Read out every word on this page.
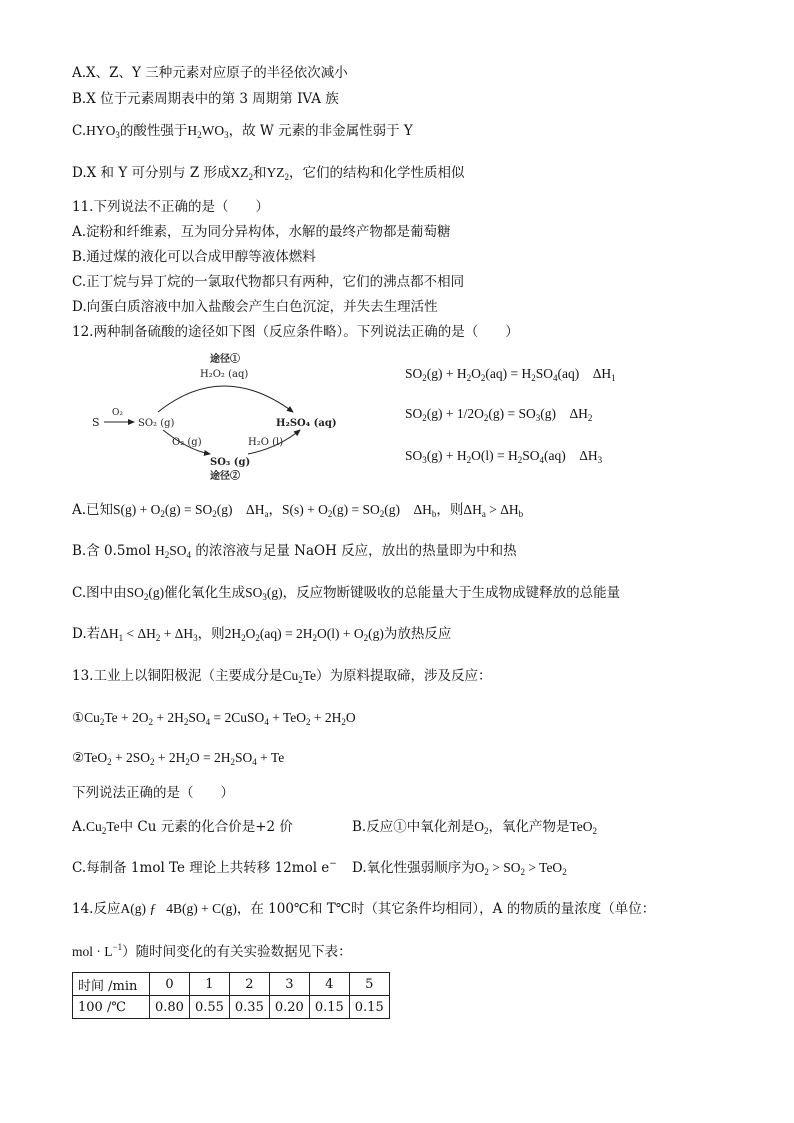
A.X、Z、Y 三种元素对应原子的半径依次减小
B.X 位于元素周期表中的第 3 周期第 IVA 族
$C.HYO_3$的酸性强于$H_2WO_3$，故 W 元素的非金属性弱于 Y
D.X 和 Y 可分别与 Z 形成$XZ_2$和$YZ_2$，它们的结构和化学性质相似
11.下列说法不正确的是（　　）
A.淀粉和纤维素，互为同分异构体，水解的最终产物都是葡萄糖
B.通过煤的液化可以合成甲醇等液体燃料
C.正丁烷与异丁烷的一氯取代物都只有两种，它们的沸点都不相同
D.向蛋白质溶液中加入盐酸会产生白色沉淀，并失去生理活性
12.两种制备硫酸的途径如下图（反应条件略）。下列说法正确的是（　　）
途径①
H₂O₂ (aq)
S
O₂
SO₂ (g)	H₂SO₄ (aq)
O₂ (g)	H₂O (l)
SO₃ (g)
途径②
$SO_2(g) + H_2O_2(aq) = H_2SO_4(aq)$    $\Delta H_1$
$SO_2(g) + 1/2O_2(g) = SO_3(g)$    $\Delta H_2$
$SO_3(g) + H_2O(l) = H_2SO_4(aq)$    $\Delta H_3$
A.已知$S(g) + O_2(g) = SO_2(g)$    $\Delta H_a$，$S(s) + O_2(g) = SO_2(g)$    $\Delta H_b$，则$\Delta H_a > \Delta H_b$
B.含 0.5mol $H_2SO_4$ 的浓溶液与足量 NaOH 反应，放出的热量即为中和热
C.图中由$SO_2(g)$催化氧化生成$SO_3(g)$，反应物断键吸收的总能量大于生成物成键释放的总能量
D.若$\Delta H_1 < \Delta H_2 + \Delta H_3$，则$2H_2O_2(aq) = 2H_2O(l) + O_2(g)$为放热反应
13.工业上以铜阳极泥（主要成分是$Cu_2Te$）为原料提取碲，涉及反应：
$①Cu_2Te + 2O_2 + 2H_2SO_4$ = 2CuSO$_4$ + $TeO_2 + 2H_2O$
②TeO$_2$ + $2SO_2 + 2H_2O = 2H_2SO_4 + Te$
下列说法正确的是（　　）
$A.Cu_2Te$中 Cu 元素的化合价是+2 价	B.反应①中氧化剂是$O_2$，氧化产物是TeO$_2$
C.每制备 1mol Te 理论上共转移 12mol e− D.氧化性强弱顺序为$O_2 > SO_2 > TeO_2$
14.反应A(g) ƒ   4B(g) + C(g)，在 100℃和 T℃时（其它条件均相同），A 的物质的量浓度（单位：
mol · $L^{-1}$）随时间变化的有关实验数据见下表：
时间 /min	0	1	2	3	4	5
100 /℃	0.80	0.55	0.35	0.20	0.15	0.15
